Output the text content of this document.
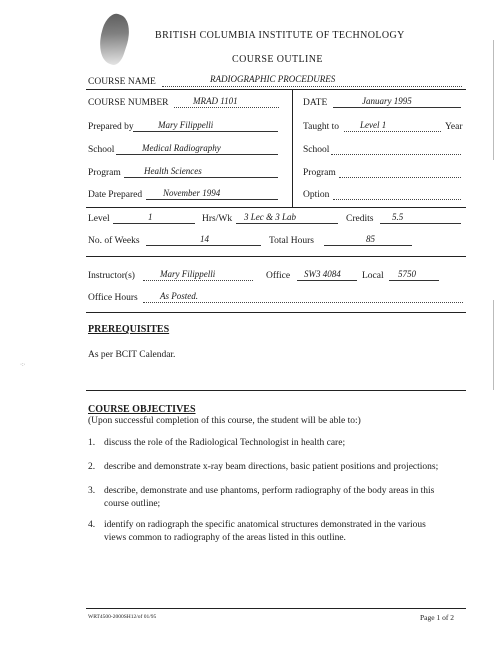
·:·
BRITISH COLUMBIA INSTITUTE OF TECHNOLOGY
COURSE OUTLINE
COURSE NAME	RADIOGRAPHIC PROCEDURES
COURSE NUMBER	MRAD 1101	DATE	January 1995
Prepared by	Mary Filippelli	Taught to Level 1	Year
School	Medical Radiography	School
Program	Health Sciences	Program
Date Prepared November 1994	Option
Level	1	Hrs/Wk 3 Lec & 3 Lab	Credits 5.5
No. of Weeks	14	Total Hours	85
Instructor(s)	Mary Filippelli	Office SW3 4084 Local 5750
Office Hours As Posted.
PREREQUISITES
As per BCIT Calendar.
COURSE OBJECTIVES
(Upon successful completion of this course, the student will be able to:)
1. discuss the role of the Radiological Technologist in health care;
2. describe and demonstrate x-ray beam directions, basic patient positions and projections;
3. describe, demonstrate and use phantoms, perform radiography of the body areas in this
course outline;
4. identify on radiograph the specific anatomical structures demonstrated in the various
views common to radiography of the areas listed in this outline.
WRT4500-2000SH12/of 01/95	Page 1 of 2
